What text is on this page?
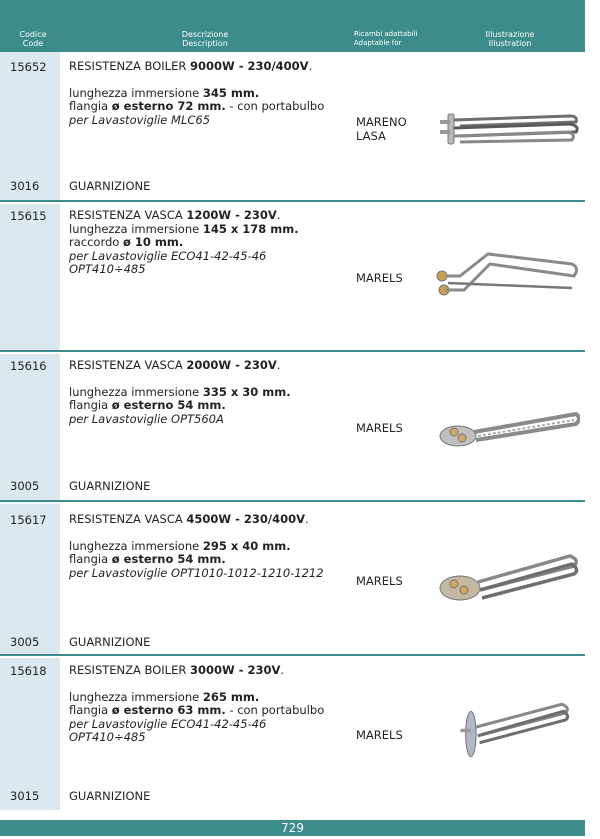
Codice
Code
Descrizione
Description
Ricambi adattabili
Adaptable for
Illustrazione
Illustration
15652 RESISTENZA BOILER 9000W - 230/400V.
lunghezza immersione 345 mm.
flangia ø esterno 72 mm. - con portabulbo
per Lavastoviglie MLC65	MARENO
LASA
3016	GUARNIZIONE
15615 RESISTENZA VASCA 1200W - 230V.
lunghezza immersione 145 x 178 mm.
raccordo ø 10 mm.
per Lavastoviglie ECO41-42-45-46
OPT410÷485
MARELS
15616 RESISTENZA VASCA 2000W - 230V.
lunghezza immersione 335 x 30 mm.
flangia ø esterno 54 mm.
per Lavastoviglie OPT560A
MARELS
3005	GUARNIZIONE
15617 RESISTENZA VASCA 4500W - 230/400V.
lunghezza immersione 295 x 40 mm.
flangia ø esterno 54 mm.
per Lavastoviglie OPT1010-1012-1210-1212
MARELS
3005	GUARNIZIONE
15618 RESISTENZA BOILER 3000W - 230V.
lunghezza immersione 265 mm.
flangia ø esterno 63 mm. - con portabulbo
per Lavastoviglie ECO41-42-45-46
OPT410÷485	MARELS
3015	GUARNIZIONE
729
